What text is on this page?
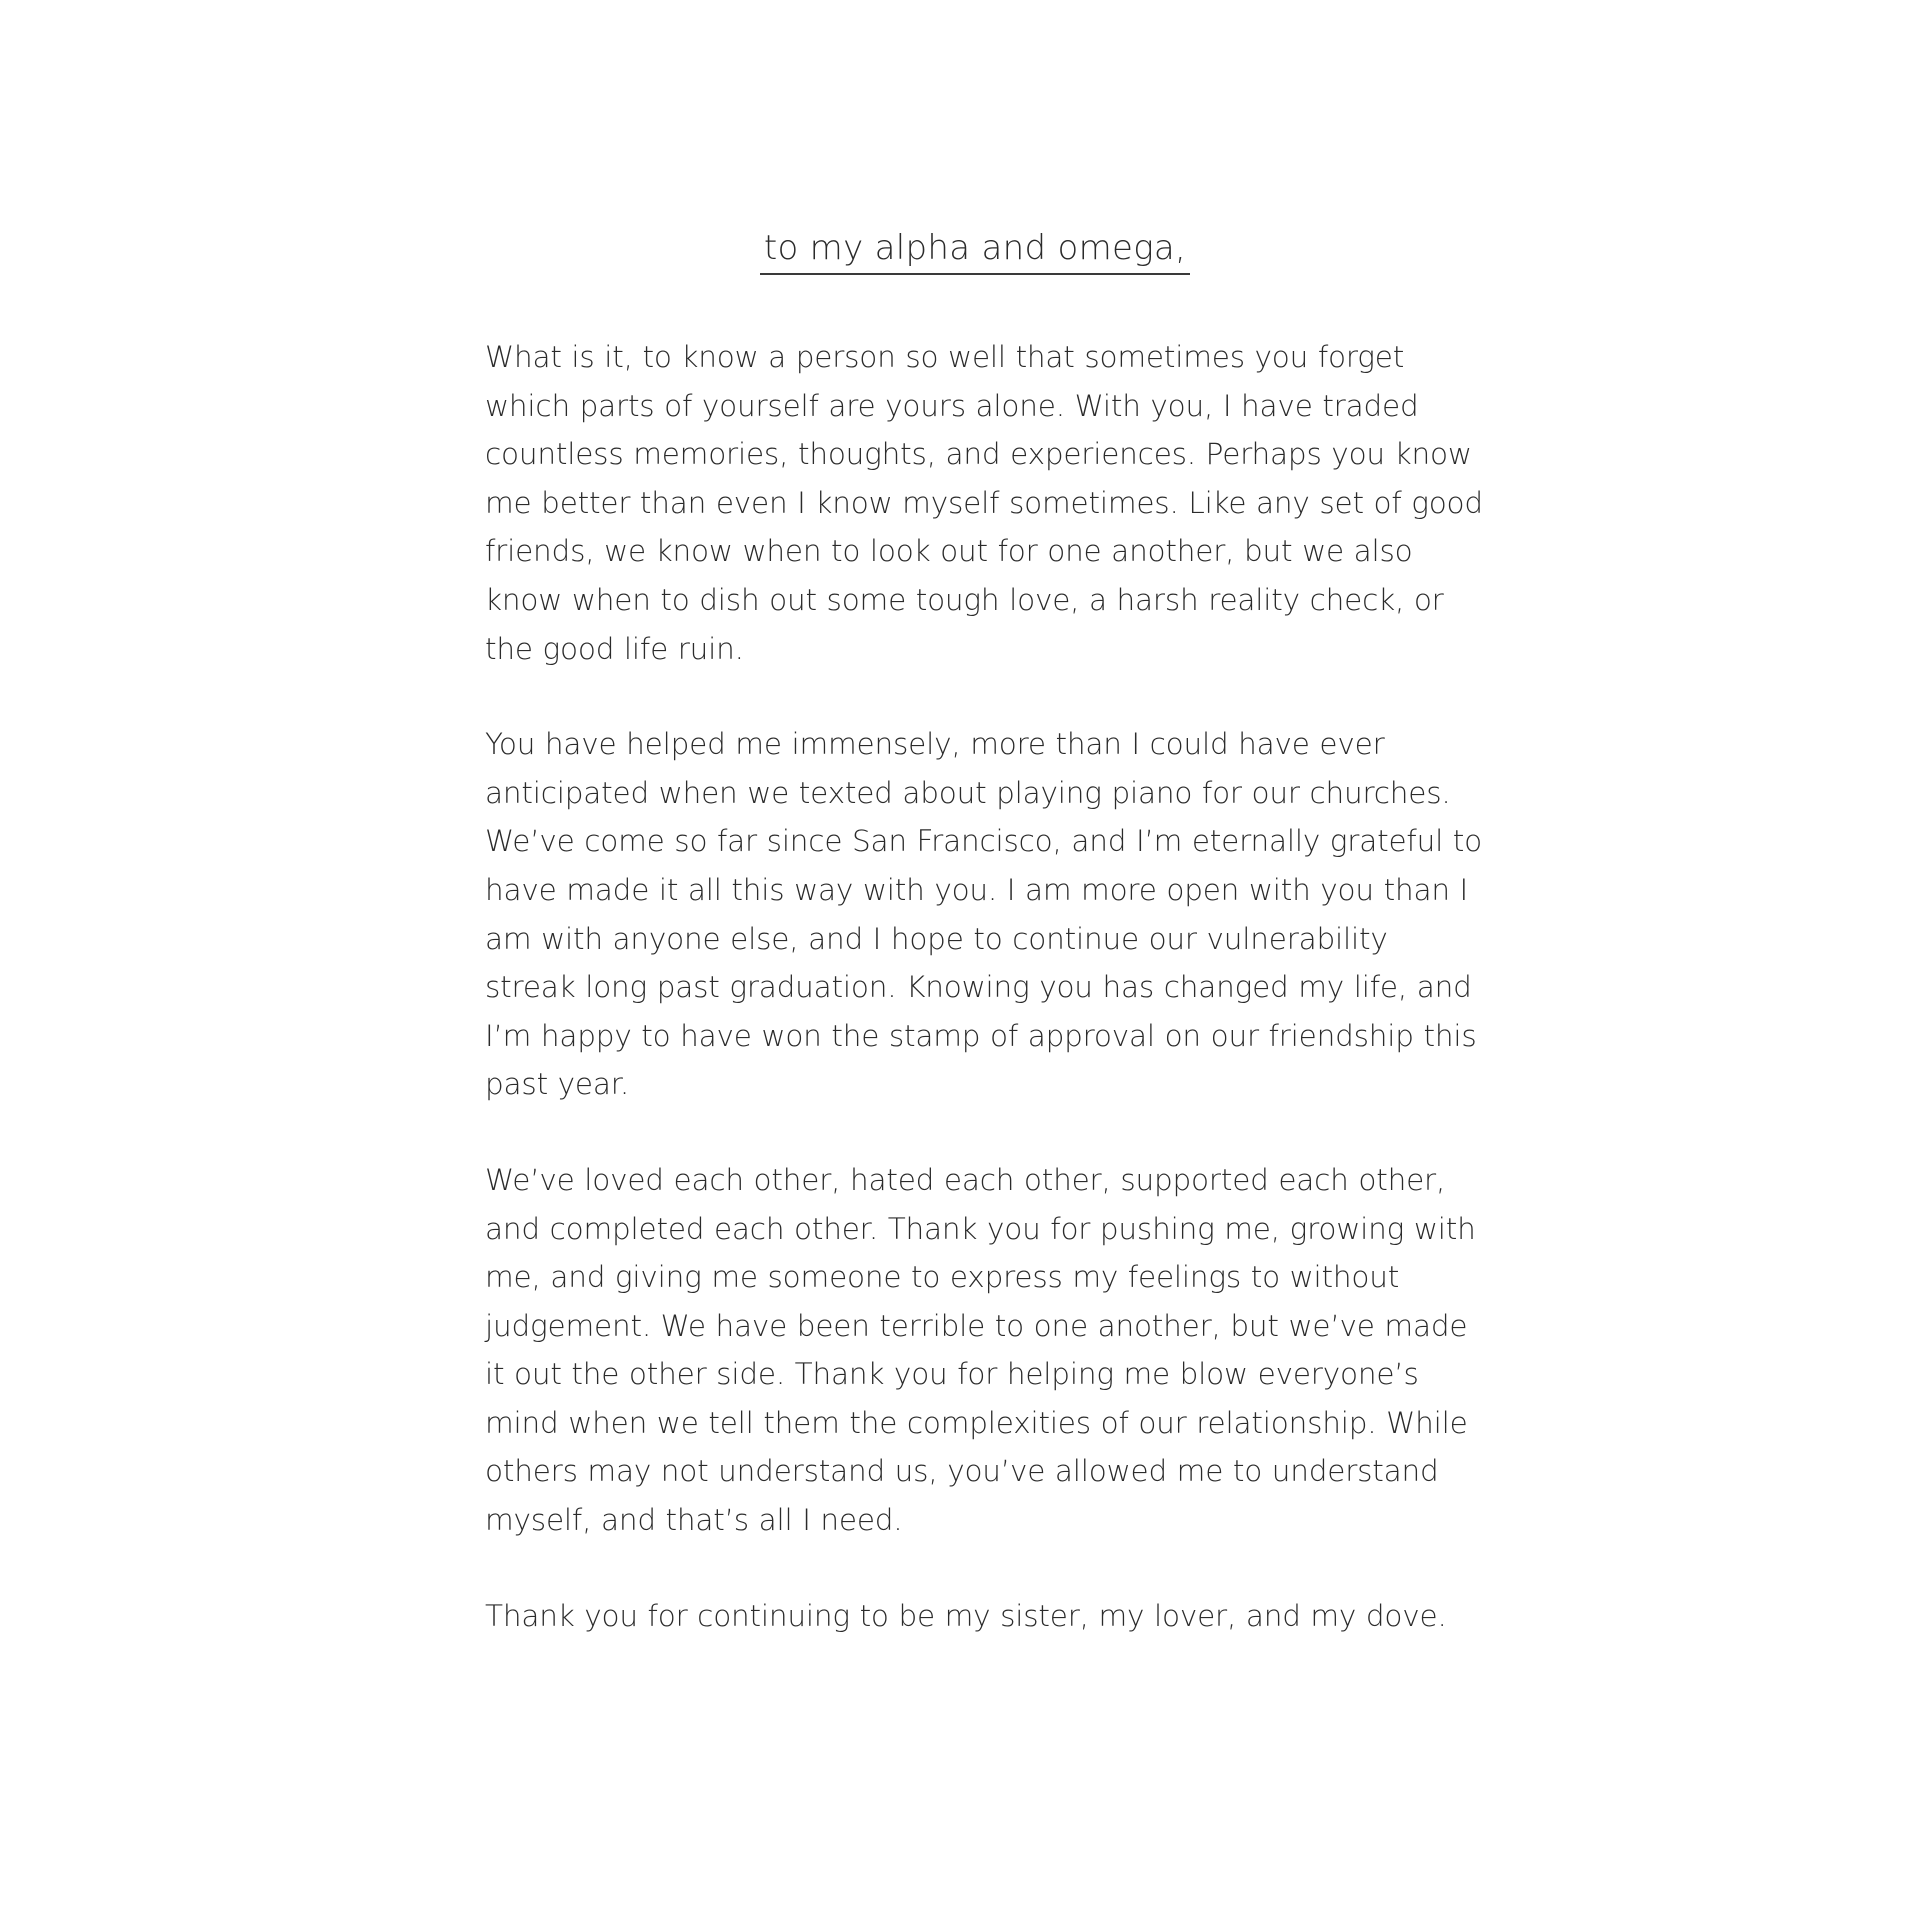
to my alpha and omega,

What is it, to know a person so well that sometimes you forget which parts of yourself are yours alone. With you, I have traded countless memories, thoughts, and experiences. Perhaps you know me better than even I know myself sometimes. Like any set of good friends, we know when to look out for one another, but we also know when to dish out some tough love, a harsh reality check, or the good life ruin.

You have helped me immensely, more than I could have ever anticipated when we texted about playing piano for our churches. We’ve come so far since San Francisco, and I’m eternally grateful to have made it all this way with you. I am more open with you than I am with anyone else, and I hope to continue our vulnerability streak long past graduation. Knowing you has changed my life, and I’m happy to have won the stamp of approval on our friendship this past year.

We’ve loved each other, hated each other, supported each other, and completed each other. Thank you for pushing me, growing with me, and giving me someone to express my feelings to without judgement. We have been terrible to one another, but we’ve made it out the other side. Thank you for helping me blow everyone’s mind when we tell them the complexities of our relationship. While others may not understand us, you’ve allowed me to understand myself, and that’s all I need.

Thank you for continuing to be my sister, my lover, and my dove.
